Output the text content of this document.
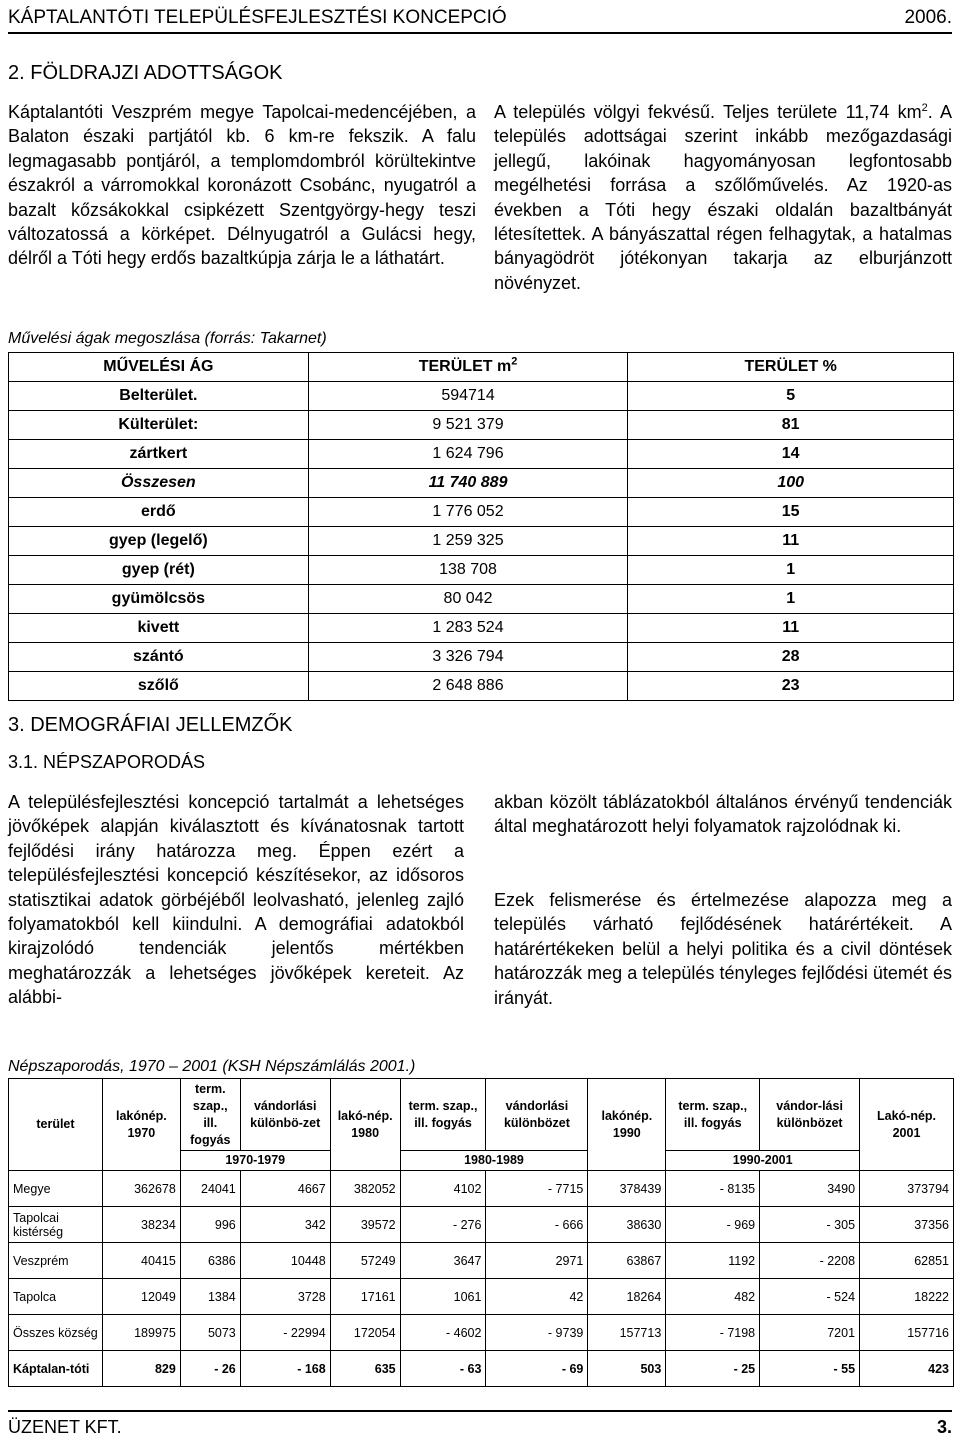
KÁPTALANTÓTI TELEPÜLÉSFEJLESZTÉSI KONCEPCIÓ	2006.
2. FÖLDRAJZI ADOTTSÁGOK

Káptalantóti Veszprém megye Tapolcai-medencéjében, a Balaton északi partjától kb. 6 km-re fekszik. A falu legmagasabb pontjáról, a templomdombról körültekintve északról a várromokkal koronázott Csobánc, nyugatról a bazalt kőzsákokkal csipkézett Szentgyörgy-hegy teszi változatossá a körképet. Délnyugatról a Gulácsi hegy, délről a Tóti hegy erdős bazaltkúpja zárja le a láthatárt.

A település völgyi fekvésű. Teljes területe 11,74 $km^2$. A település adottságai szerint inkább mezőgazdasági jellegű, lakóinak hagyományosan legfontosabb megélhetési forrása a szőlőművelés. Az 1920-as években a Tóti hegy északi oldalán bazaltbányát létesítettek. A bányászattal régen felhagytak, a hatalmas bányagödröt jótékonyan takarja az elburjánzott növényzet.

Művelési ágak megoszlása (forrás: Takarnet)
MŰVELÉSI ÁG	TERÜLET $m^2$	TERÜLET %
Belterület.	594714	5
Külterület:	9 521 379	81
zártkert	1 624 796	14
Összesen	11 740 889	100
erdő	1 776 052	15
gyep (legelő)	1 259 325	11
gyep (rét)	138 708	1
gyümölcsös	80 042	1
kivett	1 283 524	11
szántó	3 326 794	28
szőlő	2 648 886	23
3. DEMOGRÁFIAI JELLEMZŐK
3.1. NÉPSZAPORODÁS

A településfejlesztési koncepció tartalmát a lehetséges jövőképek alapján kiválasztott és kívánatosnak tartott fejlődési irány határozza meg. Éppen ezért a településfejlesztési koncepció készítésekor, az idősoros statisztikai adatok görbéjéből leolvasható, jelenleg zajló folyamatokból kell kiindulni. A demográfiai adatokból kirajzolódó tendenciák jelentős mértékben meghatározzák a lehetséges jövőképek kereteit. Az alábbi-

akban közölt táblázatokból általános érvényű tendenciák által meghatározott helyi folyamatok rajzolódnak ki.

Ezek felismerése és értelmezése alapozza meg a település várható fejlődésének határértékeit. A határértékeken belül a helyi politika és a civil döntések határozzák meg a település tényleges fejlődési ütemét és irányát.

Népszaporodás, 1970 – 2001 (KSH Népszámlálás 2001.)
terület	lakónép. 1970	term. szap., ill. fogyás	vándorlási különbö-zet	lakó-nép. 1980	term. szap., ill. fogyás	vándorlási különbözet	lakónép. 1990	term. szap., ill. fogyás	vándor-lási különbözet	Lakó-nép. 2001
		1970-1979			1980-1989			1990-2001		
Megye	362678	24041	4667	382052	4102	- 7715	378439	- 8135	3490	373794
Tapolcai kistérség	38234	996	342	39572	- 276	- 666	38630	- 969	- 305	37356
Veszprém	40415	6386	10448	57249	3647	2971	63867	1192	- 2208	62851
Tapolca	12049	1384	3728	17161	1061	42	18264	482	- 524	18222
Összes község	189975	5073	- 22994	172054	- 4602	- 9739	157713	- 7198	7201	157716
Káptalan-tóti	829	- 26	- 168	635	- 63	- 69	503	- 25	- 55	423
ÜZENET KFT.	3.
